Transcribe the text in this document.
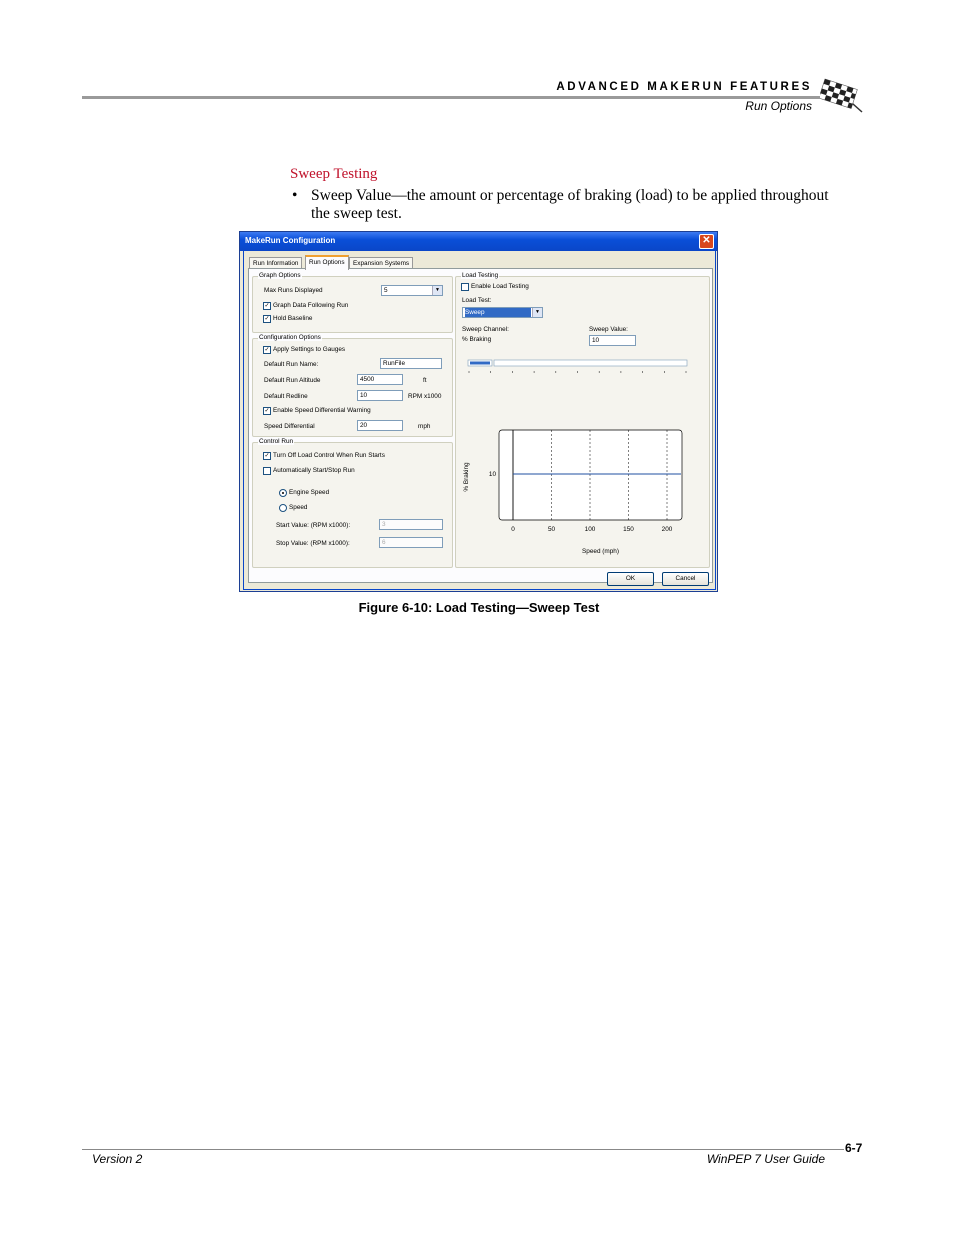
ADVANCED MAKERUN FEATURES
Run Options
Sweep Testing
• Sweep Value—the amount or percentage of braking (load) to be applied throughout the sweep test.
MakeRun Configuration	✕
Run Information	Run Options	Expansion Systems
Graph Options
Max Runs Displayed	5	▼
✓ Graph Data Following Run
✓ Hold Baseline
Configuration Options
✓ Apply Settings to Gauges
Default Run Name:	RunFile
Default Run Altitude	4500	ft
Default Redline	10	RPM x1000
✓ Enable Speed Differential Warning
Speed Differential	20	mph
Control Run
✓ Turn Off Load Control When Run Starts
Automatically Start/Stop Run
Engine Speed
Speed
Start Value: (RPM x1000):	3
Stop Value: (RPM x1000):	6
Load Testing
Enable Load Testing
Load Test:
Sweep	▼
Sweep Channel:
% Braking
Sweep Value:
10
0	50	100	150	200
10
Speed (mph)
% Braking
OK	Cancel
Figure 6-10: Load Testing—Sweep Test
Version 2	WinPEP 7 User Guide
6-7
